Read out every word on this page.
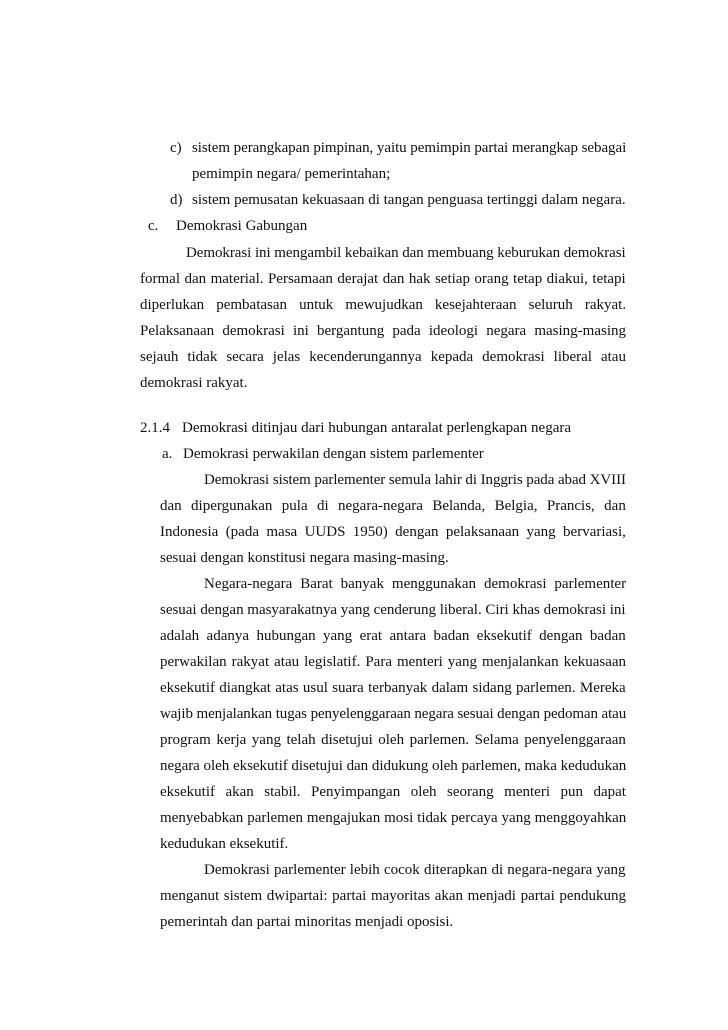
c) sistem perangkapan pimpinan, yaitu pemimpin partai merangkap sebagai
pemimpin negara/ pemerintahan;
d) sistem pemusatan kekuasaan di tangan penguasa tertinggi dalam negara.
c. Demokrasi Gabungan
Demokrasi ini mengambil kebaikan dan membuang keburukan demokrasi
formal dan material. Persamaan derajat dan hak setiap orang tetap diakui, tetapi
diperlukan pembatasan untuk mewujudkan kesejahteraan seluruh rakyat.
Pelaksanaan demokrasi ini bergantung pada ideologi negara masing-masing
sejauh tidak secara jelas kecenderungannya kepada demokrasi liberal atau
demokrasi rakyat.
2.1.4 Demokrasi ditinjau dari hubungan antaralat perlengkapan negara
a. Demokrasi perwakilan dengan sistem parlementer
Demokrasi sistem parlementer semula lahir di Inggris pada abad XVIII
dan dipergunakan pula di negara-negara Belanda, Belgia, Prancis, dan
Indonesia (pada masa UUDS 1950) dengan pelaksanaan yang bervariasi,
sesuai dengan konstitusi negara masing-masing.
Negara-negara Barat banyak menggunakan demokrasi parlementer
sesuai dengan masyarakatnya yang cenderung liberal. Ciri khas demokrasi ini
adalah adanya hubungan yang erat antara badan eksekutif dengan badan
perwakilan rakyat atau legislatif. Para menteri yang menjalankan kekuasaan
eksekutif diangkat atas usul suara terbanyak dalam sidang parlemen. Mereka
wajib menjalankan tugas penyelenggaraan negara sesuai dengan pedoman atau
program kerja yang telah disetujui oleh parlemen. Selama penyelenggaraan
negara oleh eksekutif disetujui dan didukung oleh parlemen, maka kedudukan
eksekutif akan stabil. Penyimpangan oleh seorang menteri pun dapat
menyebabkan parlemen mengajukan mosi tidak percaya yang menggoyahkan
kedudukan eksekutif.
Demokrasi parlementer lebih cocok diterapkan di negara-negara yang
menganut sistem dwipartai: partai mayoritas akan menjadi partai pendukung
pemerintah dan partai minoritas menjadi oposisi.
